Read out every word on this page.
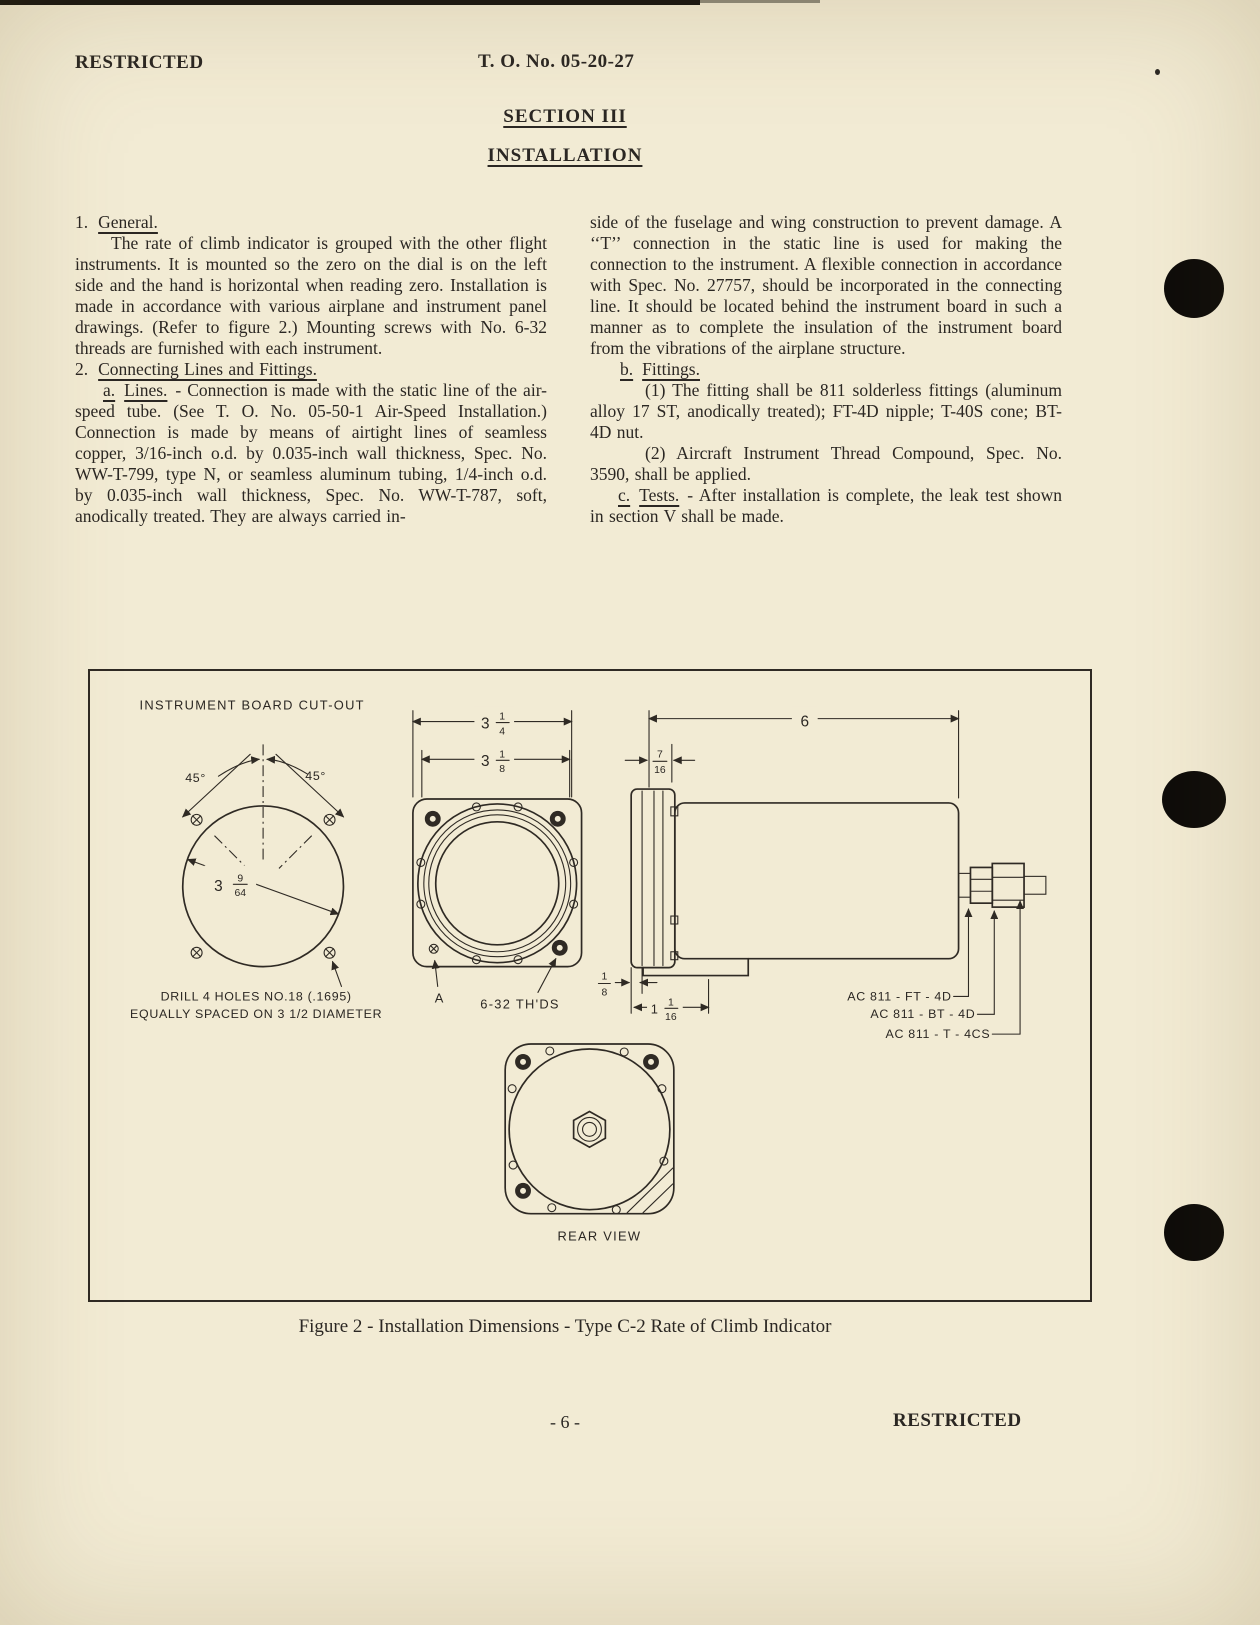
RESTRICTED	T. O. No. 05-20-27
SECTION III
INSTALLATION

1. General.

The rate of climb indicator is grouped with the other flight instruments. It is mounted so the zero on the dial is on the left side and the hand is horizontal when reading zero. Installation is made in accordance with various airplane and instrument panel drawings. (Refer to figure 2.) Mounting screws with No. 6-32 threads are furnished with each instrument.

2. Connecting Lines and Fittings.

a. Lines. - Connection is made with the static line of the air-speed tube. (See T. O. No. 05-50-1 Air-Speed Installation.) Connection is made by means of airtight lines of seamless copper, 3/16-inch o.d. by 0.035-inch wall thickness, Spec. No. WW-T-799, type N, or seamless aluminum tubing, 1/4-inch o.d. by 0.035-inch wall thickness, Spec. No. WW-T-787, soft, anodically treated. They are always carried in-

side of the fuselage and wing construction to prevent damage. A ‘‘T’’ connection in the static line is used for making the connection to the instrument. A flexible connection in accordance with Spec. No. 27757, should be incorporated in the connecting line. It should be located behind the instrument board in such a manner as to complete the insulation of the instrument board from the vibrations of the airplane structure.

b. Fittings.

(1) The fitting shall be 811 solderless fittings (aluminum alloy 17 ST, anodically treated); FT-4D nipple; T-40S cone; BT-4D nut.

(2) Aircraft Instrument Thread Compound, Spec. No. 3590, shall be applied.

c. Tests. - After installation is complete, the leak test shown in section V shall be made.

INSTRUMENT BOARD CUT-OUT
45°	45°
3 9
64
DRILL 4 HOLES NO.18 (.1695)
EQUALLY SPACED ON 3 1/2 DIAMETER
3 1
4
3 1
8
A	6-32 TH'DS
6
7
16
AC 811 - FT - 4D
AC 811 - BT - 4D
AC 811 - T - 4CS
1
8
1 1
16
REAR VIEW
Figure 2 - Installation Dimensions - Type C-2 Rate of Climb Indicator
- 6 -	RESTRICTED
